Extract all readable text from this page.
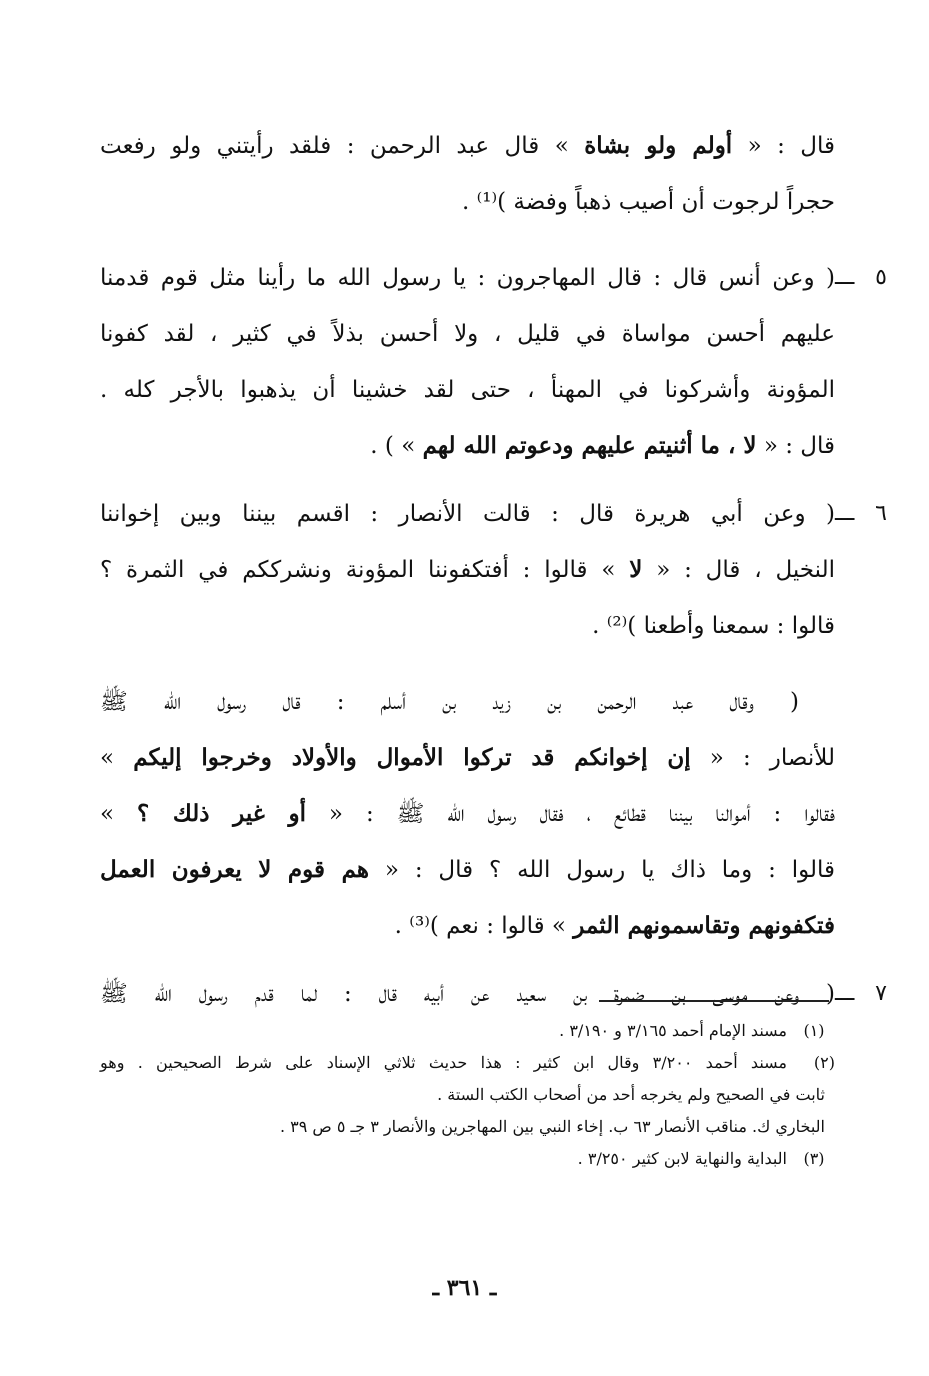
قال : « أولم ولو بشاة » قال عبد الرحمن : فلقد رأيتني ولو رفعت
حجراً لرجوت أن أصيب ذهباً وفضة )⁽¹⁾ .
٥ ـــ
( وعن أنس قال : قال المهاجرون : يا رسول الله ما رأينا مثل قوم قدمنا
عليهم أحسن مواساة في قليل ، ولا أحسن بذلاً في كثير ، لقد كفونا
المؤونة وأشركونا في المهنأ ، حتى لقد خشينا أن يذهبوا بالأجر كله .
قال : « لا ، ما أثنيتم عليهم ودعوتم الله لهم » ) .
٦ ـــ
( وعن أبي هريرة قال : قالت الأنصار : اقسم بيننا وبين إخواننا
النخيل ، قال : « لا » قالوا : أفتكفوننا المؤونة ونشرككم في الثمرة ؟
قالوا : سمعنا وأطعنا )⁽²⁾ .
( وقال عبد الرحمن بن زيد بن أسلم : قال رسول الله ﷺ
للأنصار : « إن إخوانكم قد تركوا الأموال والأولاد وخرجوا إليكم »
فقالوا : أموالنا بيننا قطائع ، فقال رسول الله ﷺ : « أو غير ذلك ؟ »
قالوا : وما ذاك يا رسول الله ؟ قال : « هم قوم لا يعرفون العمل
فتكفونهم وتقاسمونهم الثمر » قالوا : نعم )⁽³⁾ .
٧ ـــ
( وعن موسى بن ضمرة بن سعيد عن أبيه قال : لما قدم رسول الله ﷺ
(١)
مسند الإمام أحمد ٣/١٦٥ و ٣/١٩٠ .
(٢)
مسند أحمد ٣/٢٠٠ وقال ابن كثير : هذا حديث ثلاثي الإسناد على شرط الصحيحين . وهو
ثابت في الصحيح ولم يخرجه أحد من أصحاب الكتب الستة .
البخاري ك. مناقب الأنصار ٦٣ ب. إخاء النبي بين المهاجرين والأنصار ٣ جـ ٥ ص ٣٩ .
(٣)
البداية والنهاية لابن كثير ٣/٢٥٠ .
ـ ٣٦١ ـ
